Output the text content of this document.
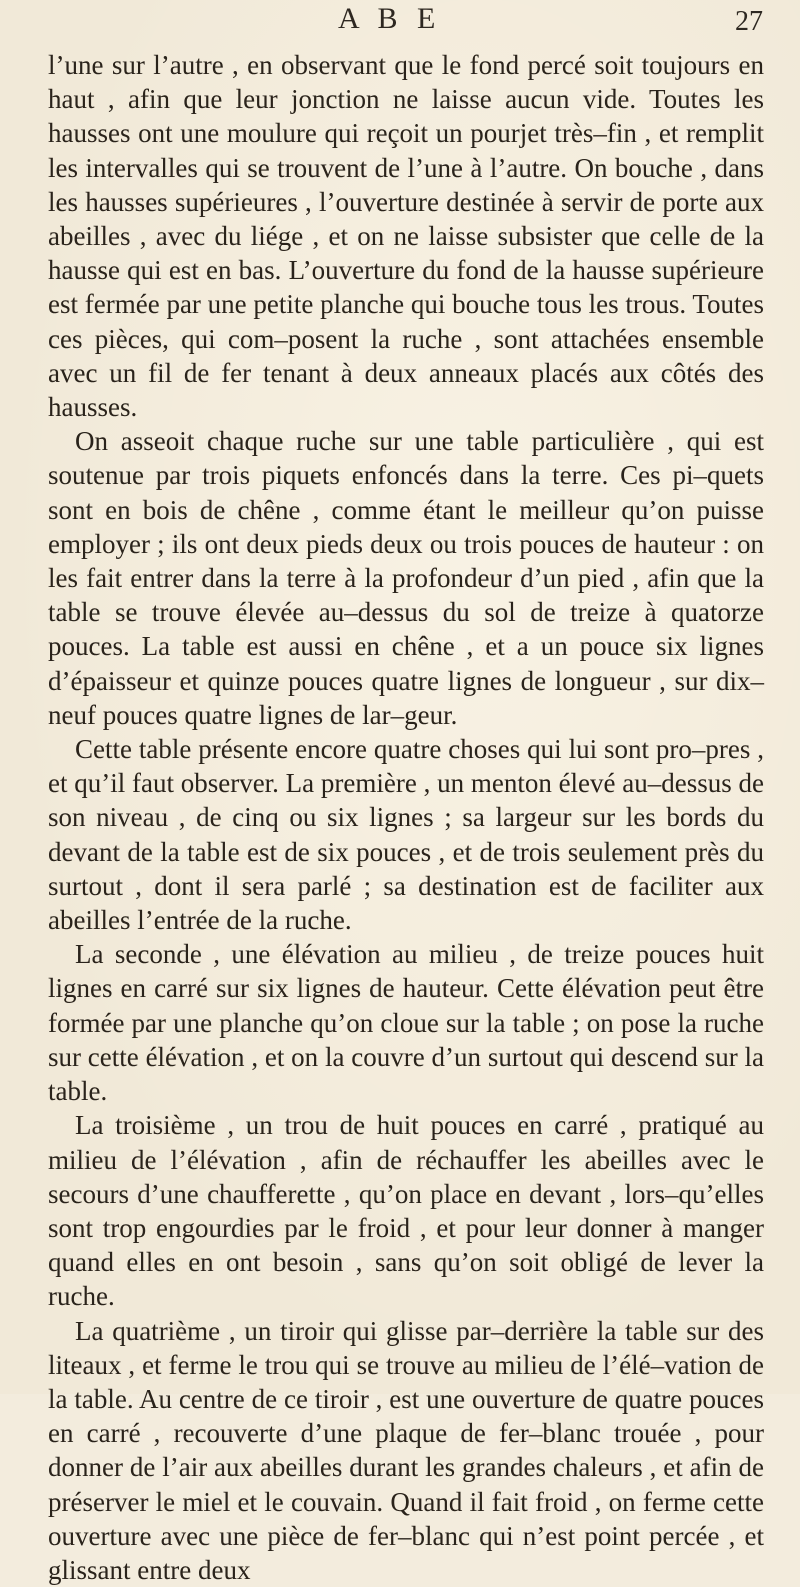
A B E	27

l’une sur l’autre , en observant que le fond percé soit toujours en haut , afin que leur jonction ne laisse aucun vide. Toutes les hausses ont une moulure qui reçoit un pourjet très–fin , et remplit les intervalles qui se trouvent de l’une à l’autre. On bouche , dans les hausses supérieures , l’ouverture destinée à servir de porte aux abeilles , avec du liége , et on ne laisse subsister que celle de la hausse qui est en bas. L’ouverture du fond de la hausse supérieure est fermée par une petite planche qui bouche tous les trous. Toutes ces pièces, qui com–posent la ruche , sont attachées ensemble avec un fil de fer tenant à deux anneaux placés aux côtés des hausses.

On asseoit chaque ruche sur une table particulière , qui est soutenue par trois piquets enfoncés dans la terre. Ces pi–quets sont en bois de chêne , comme étant le meilleur qu’on puisse employer ; ils ont deux pieds deux ou trois pouces de hauteur : on les fait entrer dans la terre à la profondeur d’un pied , afin que la table se trouve élevée au–dessus du sol de treize à quatorze pouces. La table est aussi en chêne , et a un pouce six lignes d’épaisseur et quinze pouces quatre lignes de longueur , sur dix–neuf pouces quatre lignes de lar–geur.

Cette table présente encore quatre choses qui lui sont pro–pres , et qu’il faut observer. La première , un menton élevé au–dessus de son niveau , de cinq ou six lignes ; sa largeur sur les bords du devant de la table est de six pouces , et de trois seulement près du surtout , dont il sera parlé ; sa destination est de faciliter aux abeilles l’entrée de la ruche.

La seconde , une élévation au milieu , de treize pouces huit lignes en carré sur six lignes de hauteur. Cette élévation peut être formée par une planche qu’on cloue sur la table ; on pose la ruche sur cette élévation , et on la couvre d’un surtout qui descend sur la table.

La troisième , un trou de huit pouces en carré , pratiqué au milieu de l’élévation , afin de réchauffer les abeilles avec le secours d’une chaufferette , qu’on place en devant , lors–qu’elles sont trop engourdies par le froid , et pour leur donner à manger quand elles en ont besoin , sans qu’on soit obligé de lever la ruche.

La quatrième , un tiroir qui glisse par–derrière la table sur des liteaux , et ferme le trou qui se trouve au milieu de l’élé–vation de la table. Au centre de ce tiroir , est une ouverture de quatre pouces en carré , recouverte d’une plaque de fer–blanc trouée , pour donner de l’air aux abeilles durant les grandes chaleurs , et afin de préserver le miel et le couvain. Quand il fait froid , on ferme cette ouverture avec une pièce de fer–blanc qui n’est point percée , et glissant entre deux
